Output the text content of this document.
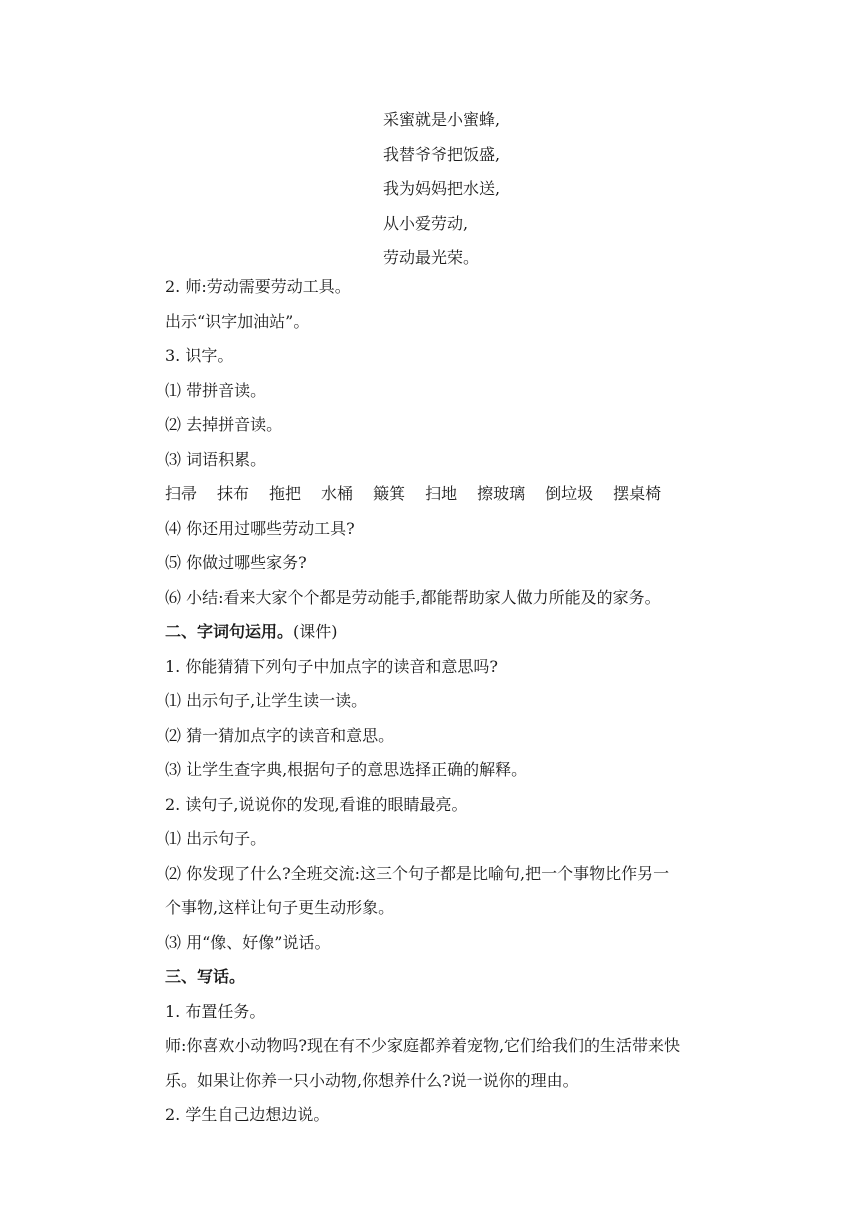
采蜜就是小蜜蜂,
我替爷爷把饭盛,
我为妈妈把水送,
从小爱劳动,
劳动最光荣。

2. 师:劳动需要劳动工具。

出示“识字加油站”。

3. 识字。

⑴ 带拼音读。

⑵ 去掉拼音读。

⑶ 词语积累。

扫帚 抹布 拖把 水桶 簸箕 扫地 擦玻璃 倒垃圾 摆桌椅

⑷ 你还用过哪些劳动工具?

⑸ 你做过哪些家务?

⑹ 小结:看来大家个个都是劳动能手,都能帮助家人做力所能及的家务。

二、字词句运用。(课件)

1. 你能猜猜下列句子中加点字的读音和意思吗?

⑴ 出示句子,让学生读一读。

⑵ 猜一猜加点字的读音和意思。

⑶ 让学生查字典,根据句子的意思选择正确的解释。

2. 读句子,说说你的发现,看谁的眼睛最亮。

⑴ 出示句子。

⑵ 你发现了什么?全班交流:这三个句子都是比喻句,把一个事物比作另一

个事物,这样让句子更生动形象。

⑶ 用“像、好像”说话。

三、写话。

1. 布置任务。

师:你喜欢小动物吗?现在有不少家庭都养着宠物,它们给我们的生活带来快

乐。如果让你养一只小动物,你想养什么?说一说你的理由。

2. 学生自己边想边说。
